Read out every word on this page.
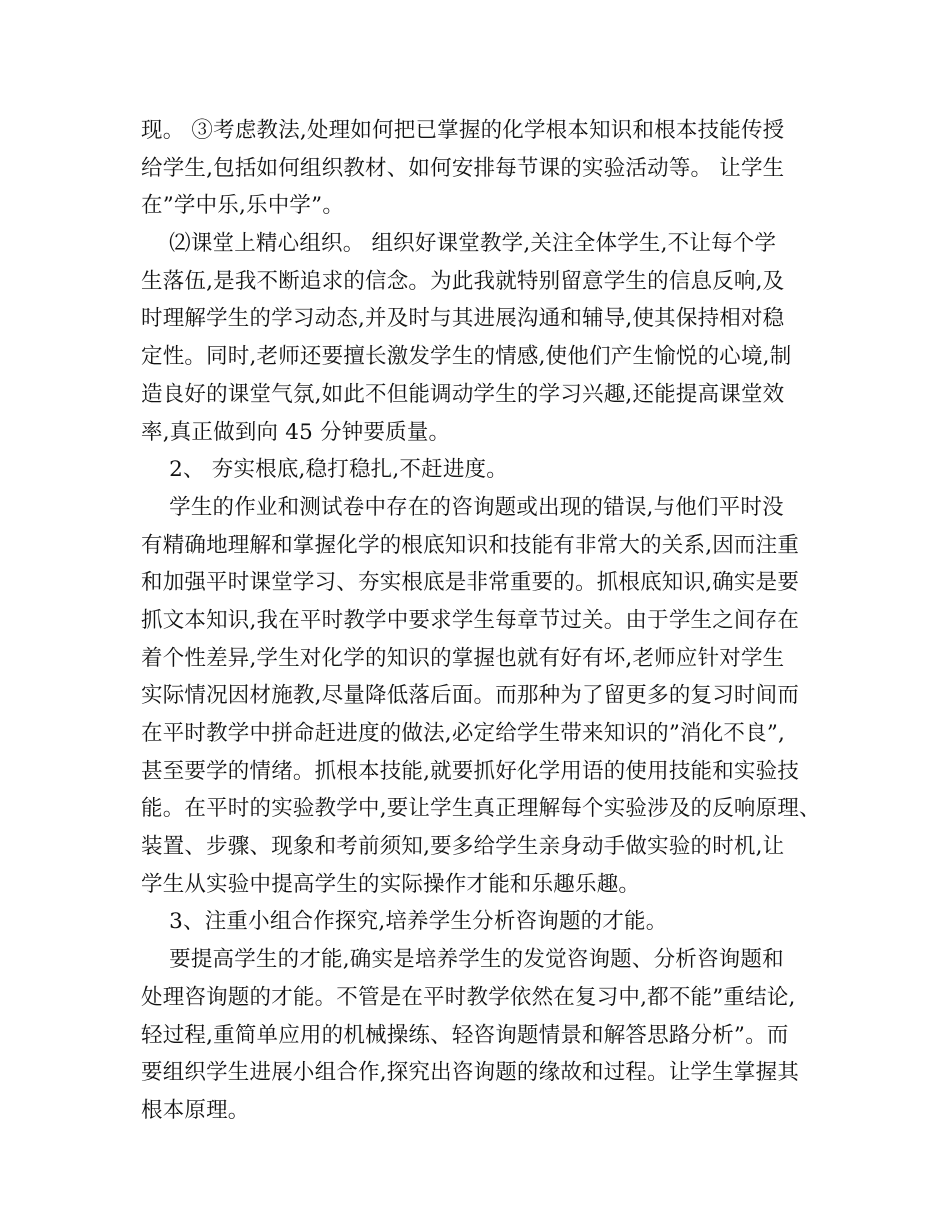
现。 ③考虑教法,处理如何把已掌握的化学根本知识和根本技能传授
给学生,包括如何组织教材、如何安排每节课的实验活动等。 让学生
在”学中乐,乐中学”。
⑵课堂上精心组织。 组织好课堂教学,关注全体学生,不让每个学
生落伍,是我不断追求的信念。为此我就特别留意学生的信息反响,及
时理解学生的学习动态,并及时与其进展沟通和辅导,使其保持相对稳
定性。同时,老师还要擅长激发学生的情感,使他们产生愉悦的心境,制
造良好的课堂气氛,如此不但能调动学生的学习兴趣,还能提高课堂效
率,真正做到向 45 分钟要质量。
2、 夯实根底,稳打稳扎,不赶进度。
学生的作业和测试卷中存在的咨询题或出现的错误,与他们平时没
有精确地理解和掌握化学的根底知识和技能有非常大的关系,因而注重
和加强平时课堂学习、夯实根底是非常重要的。抓根底知识,确实是要
抓文本知识,我在平时教学中要求学生每章节过关。由于学生之间存在
着个性差异,学生对化学的知识的掌握也就有好有坏,老师应针对学生
实际情况因材施教,尽量降低落后面。而那种为了留更多的复习时间而
在平时教学中拼命赶进度的做法,必定给学生带来知识的”消化不良”,
甚至要学的情绪。抓根本技能,就要抓好化学用语的使用技能和实验技
能。在平时的实验教学中,要让学生真正理解每个实验涉及的反响原理、
装置、步骤、现象和考前须知,要多给学生亲身动手做实验的时机,让
学生从实验中提高学生的实际操作才能和乐趣乐趣。
3、注重小组合作探究,培养学生分析咨询题的才能。
要提高学生的才能,确实是培养学生的发觉咨询题、分析咨询题和
处理咨询题的才能。不管是在平时教学依然在复习中,都不能”重结论,
轻过程,重简单应用的机械操练、轻咨询题情景和解答思路分析”。而
要组织学生进展小组合作,探究出咨询题的缘故和过程。让学生掌握其
根本原理。
